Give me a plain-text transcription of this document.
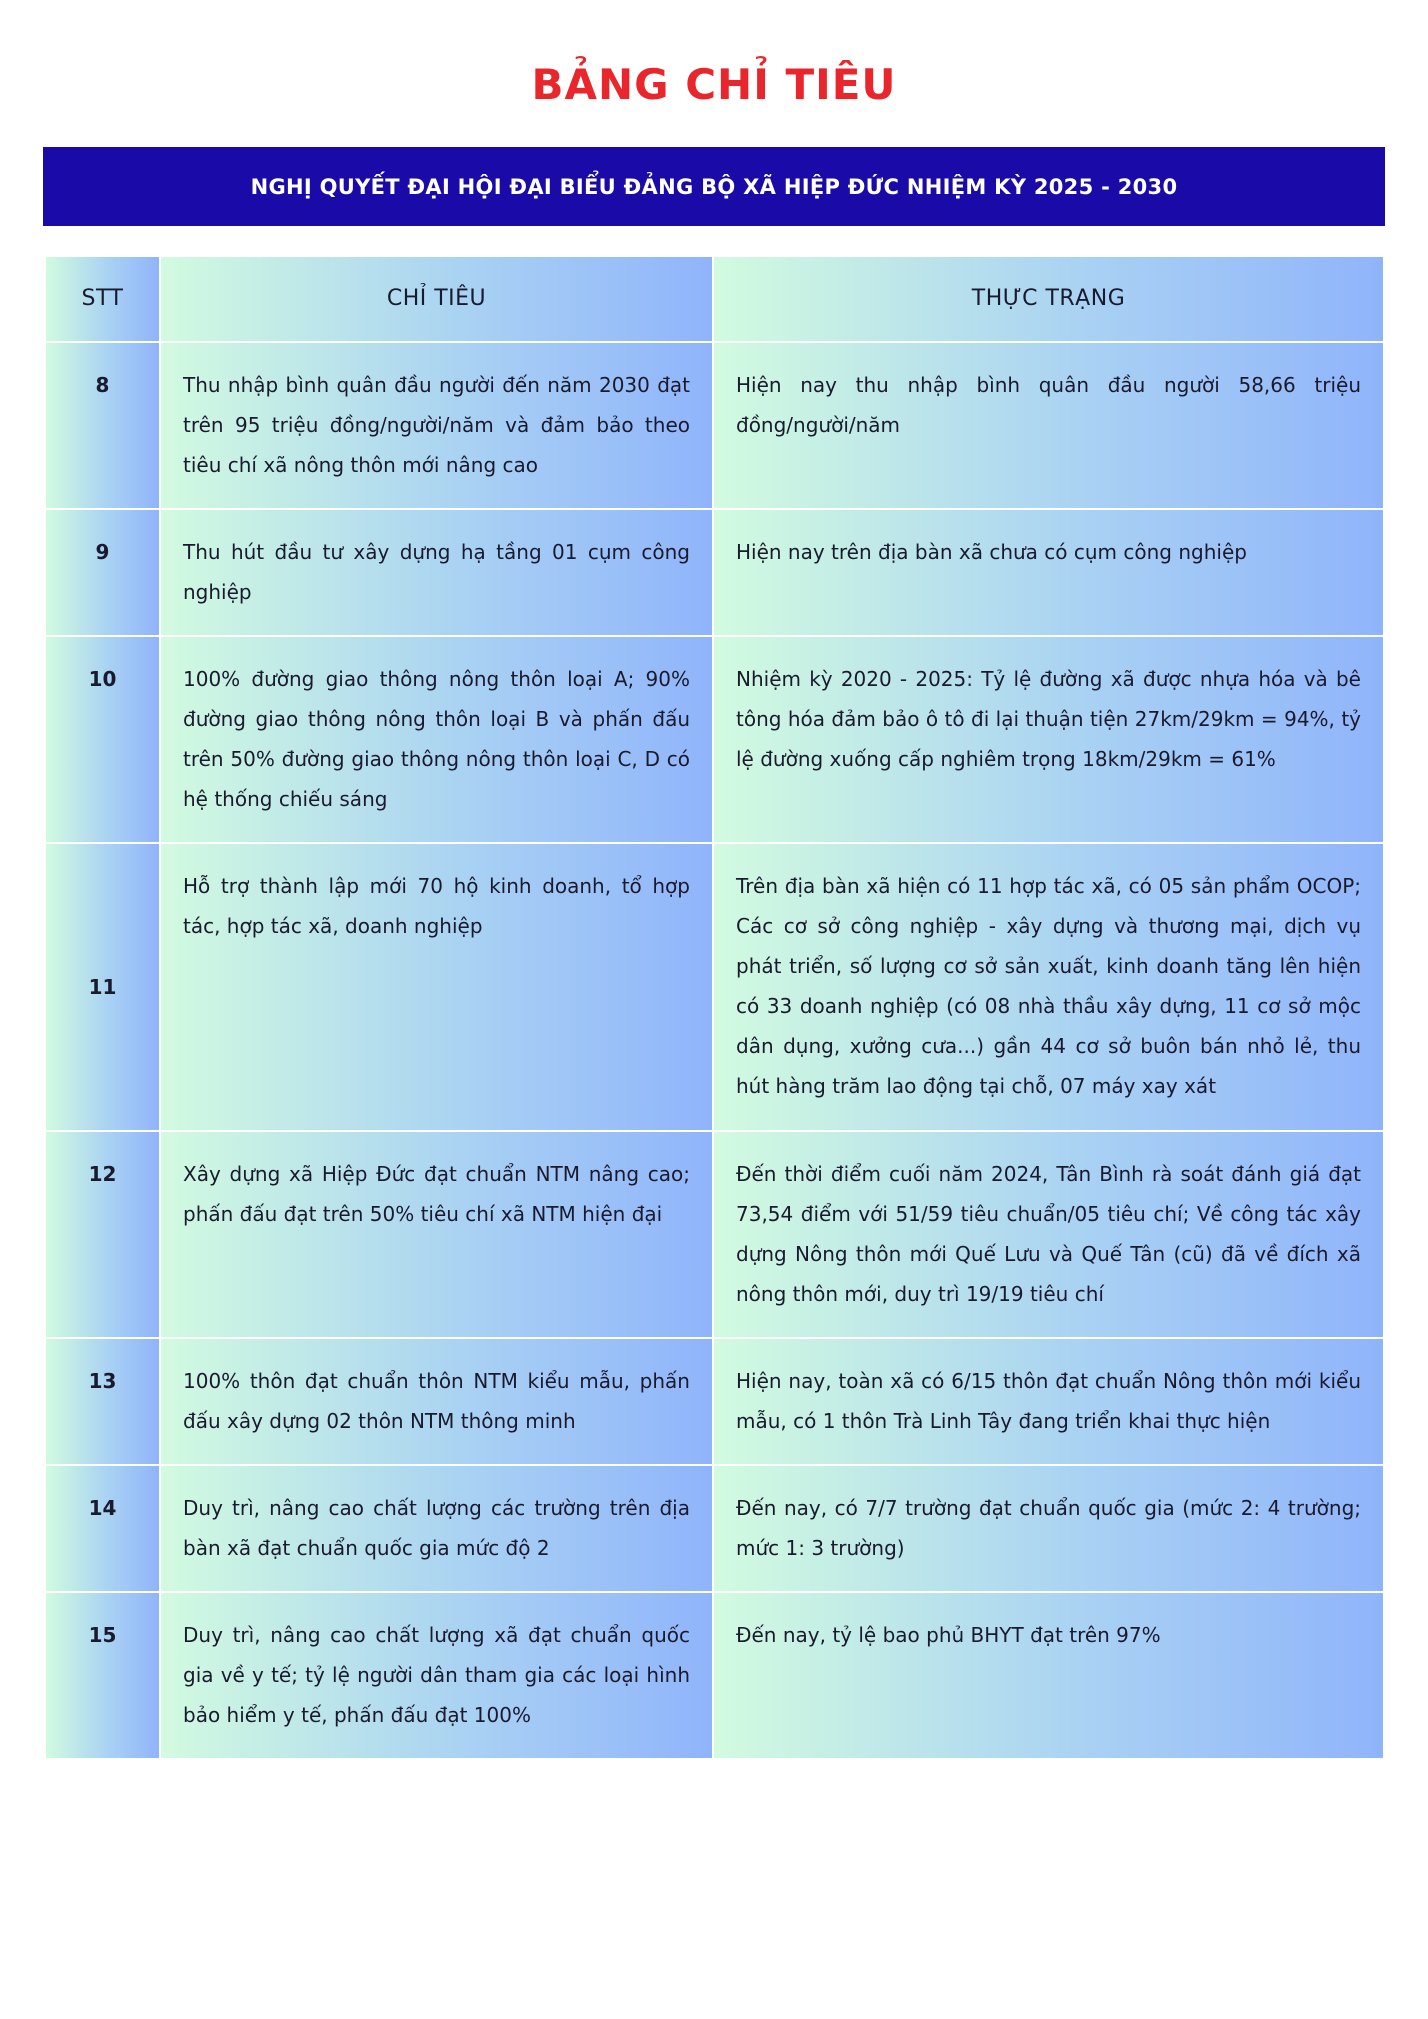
BẢNG CHỈ TIÊU
NGHỊ QUYẾT ĐẠI HỘI ĐẠI BIỂU ĐẢNG BỘ XÃ HIỆP ĐỨC NHIỆM KỲ 2025 - 2030
STT	CHỈ TIÊU	THỰC TRẠNG
8	Thu nhập bình quân đầu người đến năm 2030 đạt trên 95 triệu đồng/người/năm và đảm bảo theo tiêu chí xã nông thôn mới nâng cao
Hiện nay thu nhập bình quân đầu người 58,66 triệu đồng/người/năm
9	Thu hút đầu tư xây dựng hạ tầng 01 cụm công nghiệp
Hiện nay trên địa bàn xã chưa có cụm công nghiệp
10	100% đường giao thông nông thôn loại A; 90% đường giao thông nông thôn loại B và phấn đấu trên 50% đường giao thông nông thôn loại C, D có hệ thống chiếu sáng
Nhiệm kỳ 2020 - 2025: Tỷ lệ đường xã được nhựa hóa và bê tông hóa đảm bảo ô tô đi lại thuận tiện 27km/29km = 94%, tỷ lệ đường xuống cấp nghiêm trọng 18km/29km = 61%
11
Hỗ trợ thành lập mới 70 hộ kinh doanh, tổ hợp tác, hợp tác xã, doanh nghiệp
Trên địa bàn xã hiện có 11 hợp tác xã, có 05 sản phẩm OCOP; Các cơ sở công nghiệp - xây dựng và thương mại, dịch vụ phát triển, số lượng cơ sở sản xuất, kinh doanh tăng lên hiện có 33 doanh nghiệp (có 08 nhà thầu xây dựng, 11 cơ sở mộc dân dụng, xưởng cưa...) gần 44 cơ sở buôn bán nhỏ lẻ, thu hút hàng trăm lao động tại chỗ, 07 máy xay xát
12	Xây dựng xã Hiệp Đức đạt chuẩn NTM nâng cao; phấn đấu đạt trên 50% tiêu chí xã NTM hiện đại
Đến thời điểm cuối năm 2024, Tân Bình rà soát đánh giá đạt 73,54 điểm với 51/59 tiêu chuẩn/05 tiêu chí; Về công tác xây dựng Nông thôn mới Quế Lưu và Quế Tân (cũ) đã về đích xã nông thôn mới, duy trì 19/19 tiêu chí
13	100% thôn đạt chuẩn thôn NTM kiểu mẫu, phấn đấu xây dựng 02 thôn NTM thông minh
Hiện nay, toàn xã có 6/15 thôn đạt chuẩn Nông thôn mới kiểu mẫu, có 1 thôn Trà Linh Tây đang triển khai thực hiện
14	Duy trì, nâng cao chất lượng các trường trên địa bàn xã đạt chuẩn quốc gia mức độ 2
Đến nay, có 7/7 trường đạt chuẩn quốc gia (mức 2: 4 trường; mức 1: 3 trường)
15	Duy trì, nâng cao chất lượng xã đạt chuẩn quốc gia về y tế; tỷ lệ người dân tham gia các loại hình bảo hiểm y tế, phấn đấu đạt 100%
Đến nay, tỷ lệ bao phủ BHYT đạt trên 97%
